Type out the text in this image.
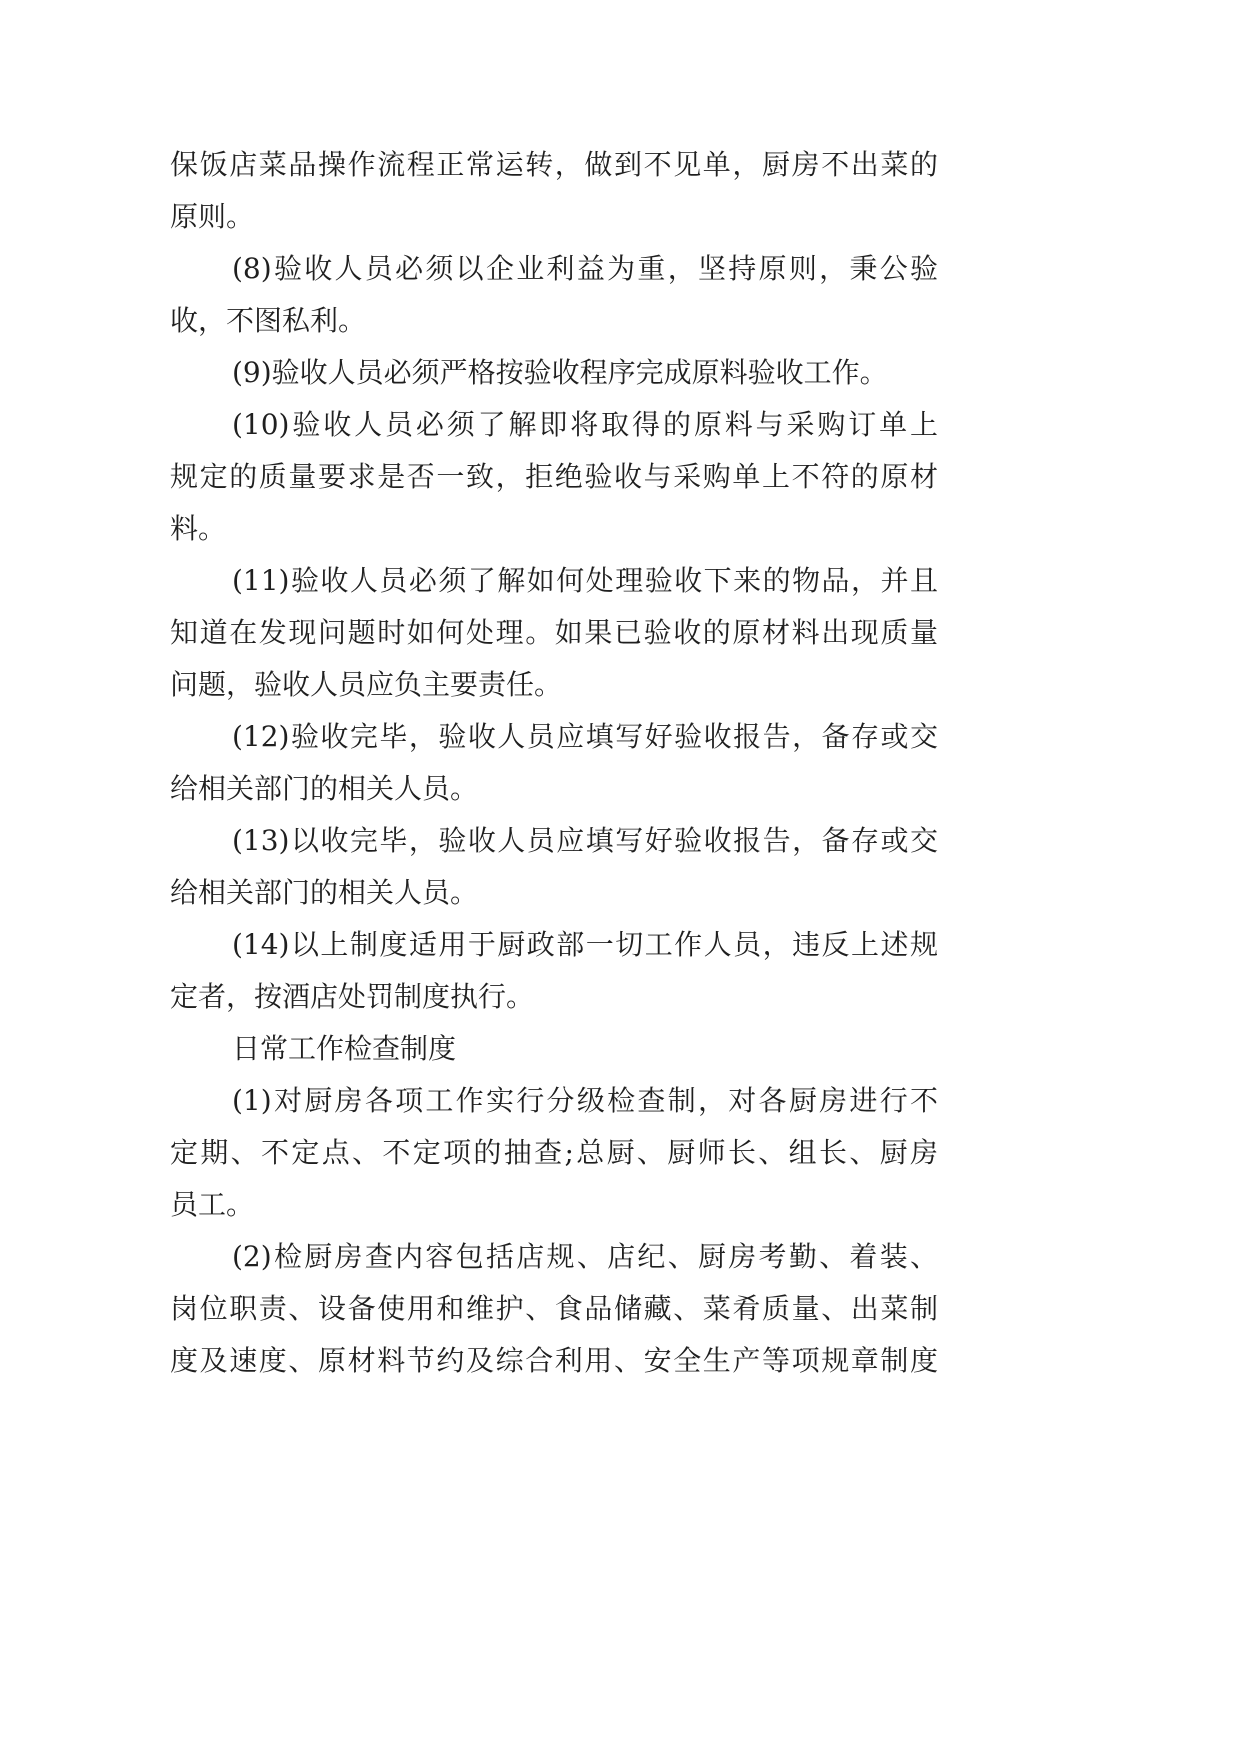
保饭店菜品操作流程正常运转，做到不见单，厨房不出菜的
原则。
(8)验收人员必须以企业利益为重，坚持原则，秉公验
收，不图私利。
(9)验收人员必须严格按验收程序完成原料验收工作。
(10)验收人员必须了解即将取得的原料与采购订单上
规定的质量要求是否一致，拒绝验收与采购单上不符的原材
料。
(11)验收人员必须了解如何处理验收下来的物品，并且
知道在发现问题时如何处理。如果已验收的原材料出现质量
问题，验收人员应负主要责任。
(12)验收完毕，验收人员应填写好验收报告，备存或交
给相关部门的相关人员。
(13)以收完毕，验收人员应填写好验收报告，备存或交
给相关部门的相关人员。
(14)以上制度适用于厨政部一切工作人员，违反上述规
定者，按酒店处罚制度执行。
日常工作检查制度
(1)对厨房各项工作实行分级检查制，对各厨房进行不
定期、不定点、不定项的抽查;总厨、厨师长、组长、厨房
员工。
(2)检厨房查内容包括店规、店纪、厨房考勤、着装、
岗位职责、设备使用和维护、食品储藏、菜肴质量、出菜制
度及速度、原材料节约及综合利用、安全生产等项规章制度
